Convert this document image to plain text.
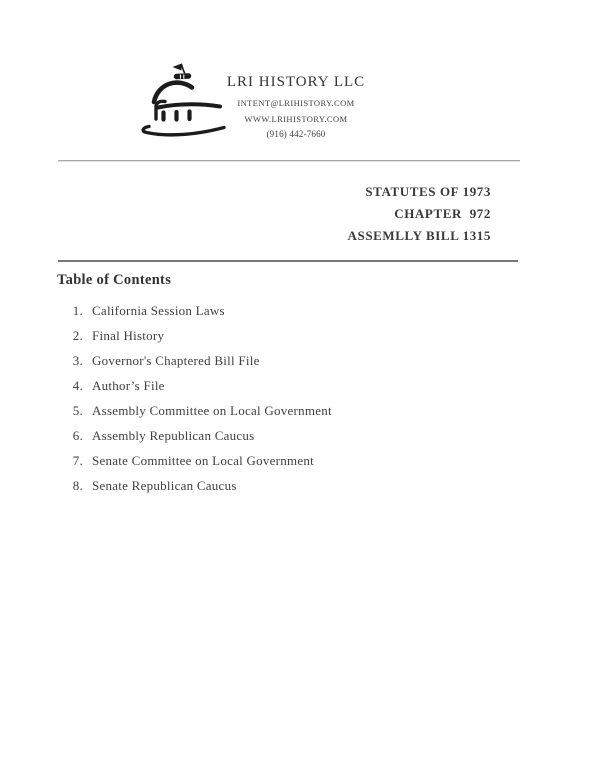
LRI HISTORY LLC
INTENT@LRIHISTORY.COM
WWW.LRIHISTORY.COM
(916) 442-7660
STATUTES OF 1973
CHAPTER  972
ASSEMLLY BILL 1315
Table of Contents
1. California Session Laws
2. Final History
3. Governor's Chaptered Bill File
4. Author’s File
5. Assembly Committee on Local Government
6. Assembly Republican Caucus
7. Senate Committee on Local Government
8. Senate Republican Caucus
